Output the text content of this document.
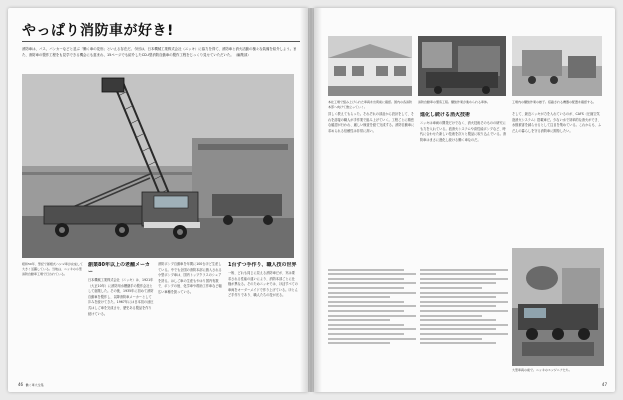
やっぱり消防車が好き!
消防車は、バス、バンカーなどと並ぶ「働く車の花形」といえる存在だ。今回は、日本機械工業株式会社（ニッキ）に協力を得て、消防車と消火活動の様々な装備を紹介しよう。また、消防車の製作工程をも見学できる機会にも恵まれ、15ページでも紹介したCD-I型消防自動車の製作工程をじっくり見せていただいた。（編集部）
昭和50年、筆記で屋根式ハシゴ車が完成して大きく活躍している。当地は、ニッキの小型消防自動車工場で行われている。
創業80年以上の老舗メーカー
日本機械工業株式会社（ニッキ）は、1921年（大正10年）に消防用水槽継手の製作会社として創業した。その後、1935年に初めて消防自動車を製作し、以降消防車メーカーとして歩みを続けてきた。1967年には日本初の油圧式はしご車を完成させ、歴史ある製品を作り続けている。
消防ポンプ自動車を年間に100台ほど生産している。中でも全国の消防本部に納入される小型ポンプ車は、国内トップクラスのシェアを誇る。はしご車の生産もやはり国内有数で、ポンプの他、化学車や救助工作車など幅広い車種を扱っている。
1台ずつ手作り、職人技の世界
一般、どれも同じに見える消防車だが、実は要求される性能の違いにより、消防本部ごとに仕様が異なる。そのためニッキでは、ほぼすべての車両をオーダーメイドで作り上げている。ほとんど手作りであり、職人たちの技が光る。
46 働く車大全集
本社工場で組み上げられた車両を出荷前に確認。国内の各消防本部へ向けて旅立っていく。
消防自動車の製造工程。艤装作業が進められる車体。	工場内の艤装作業の様子。搭載される機器の配置を確認する。
詳しく教えてもらった。それぞれの部品から設計をして、それを溶接の職人が手作業で組み上げていく。工程ごとに精密な確認が行われ、厳しい検査を経て完成する。消防自動車に求められる信頼性は非常に高い。
進化し続ける消火技術
ニッキは車両の開発だけでなく、消火技術そのものの研究にも力を入れている。泡消火システムや高性能ポンプなど、時代に合わせた新しい技術を次々と製品に取り込んでいる。消防車はまさに進化し続ける働く車なのだ。
そして、最近ニッキが力を入れているのが、CAFS（圧縮空気泡消火システム）搭載車だ。少ない水で効率的な消火ができ、水損被害を減らせるとして注目を集めている。これからも、ふだんの暮らしを守る消防車に期待したい。
大型車両の前で。ニッキのエンジニアたち。
47
